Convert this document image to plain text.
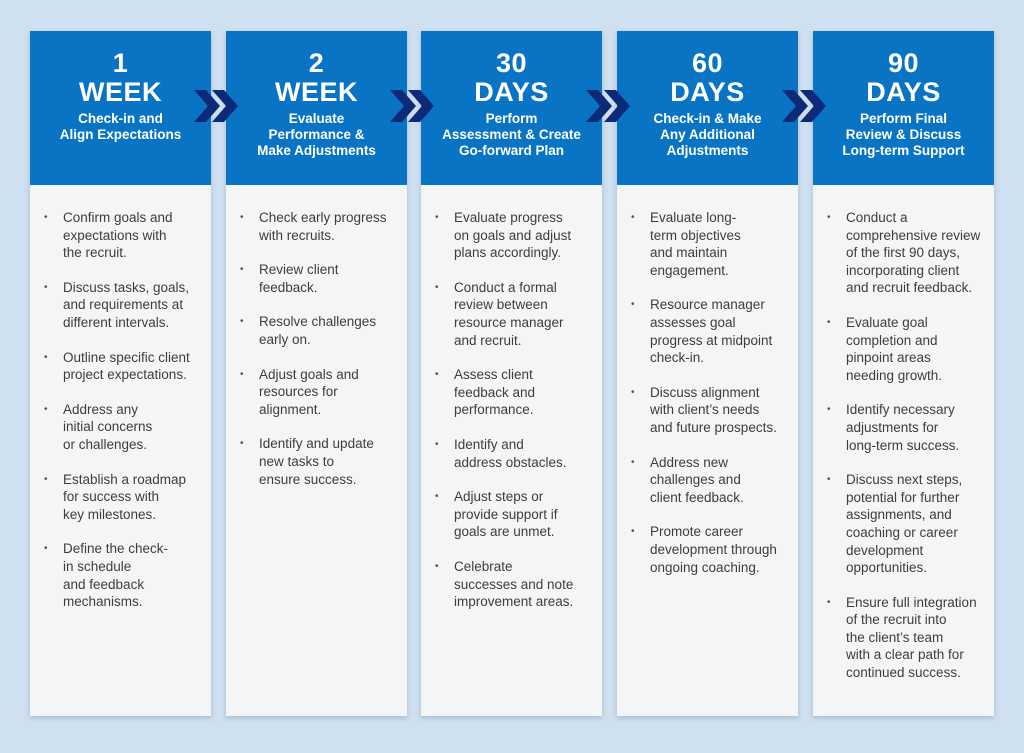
1
WEEK
Check-in and
Align Expectations
• Confirm goals and
expectations with
the recruit.
• Discuss tasks, goals,
and requirements at
different intervals.
• Outline specific client
project expectations.
• Address any
initial concerns
or challenges.
• Establish a roadmap
for success with
key milestones.
• Define the check-
in schedule
and feedback
mechanisms.
2
WEEK
Evaluate
Performance &
Make Adjustments
• Check early progress
with recruits.
• Review client
feedback.
• Resolve challenges
early on.
• Adjust goals and
resources for
alignment.
• Identify and update
new tasks to
ensure success.
30
DAYS
Perform
Assessment & Create
Go-forward Plan
• Evaluate progress
on goals and adjust
plans accordingly.
• Conduct a formal
review between
resource manager
and recruit.
• Assess client
feedback and
performance.
• Identify and
address obstacles.
• Adjust steps or
provide support if
goals are unmet.
• Celebrate
successes and note
improvement areas.
60
DAYS
Check-in & Make
Any Additional
Adjustments
• Evaluate long-
term objectives
and maintain
engagement.
• Resource manager
assesses goal
progress at midpoint
check-in.
• Discuss alignment
with client’s needs
and future prospects.
• Address new
challenges and
client feedback.
• Promote career
development through
ongoing coaching.
90
DAYS
Perform Final
Review & Discuss
Long-term Support
• Conduct a
comprehensive review
of the first 90 days,
incorporating client
and recruit feedback.
• Evaluate goal
completion and
pinpoint areas
needing growth.
• Identify necessary
adjustments for
long-term success.
• Discuss next steps,
potential for further
assignments, and
coaching or career
development
opportunities.
• Ensure full integration
of the recruit into
the client’s team
with a clear path for
continued success.
